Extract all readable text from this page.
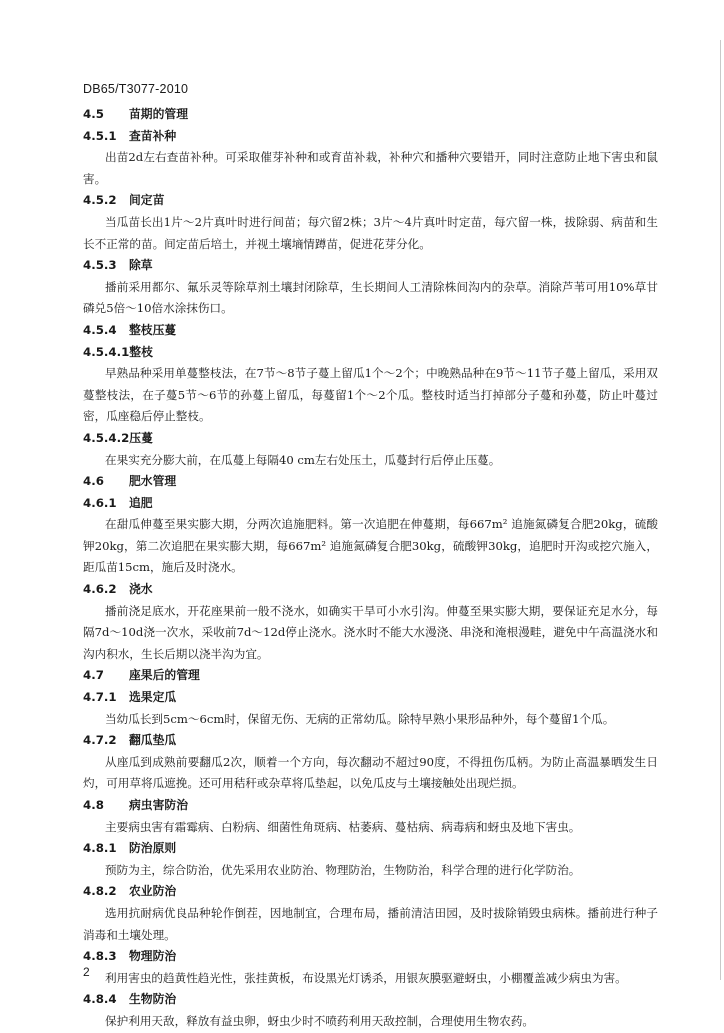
DB65/T3077-2010
4.5 苗期的管理
4.5.1 查苗补种

出苗2d左右查苗补种。可采取催芽补种和或育苗补栽，补种穴和播种穴要错开，同时注意防止地下害虫和鼠害。

4.5.2 间定苗

当瓜苗长出1片～2片真叶时进行间苗；每穴留2株；3片～4片真叶时定苗，每穴留一株，拔除弱、病苗和生长不正常的苗。间定苗后培土，并视土壤墒情蹲苗，促进花芽分化。

4.5.3 除草

播前采用都尔、氟乐灵等除草剂土壤封闭除草，生长期间人工清除株间沟内的杂草。消除芦苇可用10%草甘磷兑5倍～10倍水涂抹伤口。

4.5.4 整枝压蔓
4.5.4.1整枝

早熟品种采用单蔓整枝法，在7节～8节子蔓上留瓜1个～2个；中晚熟品种在9节～11节子蔓上留瓜，采用双蔓整枝法，在子蔓5节～6节的孙蔓上留瓜，每蔓留1个～2个瓜。整枝时适当打掉部分子蔓和孙蔓，防止叶蔓过密，瓜座稳后停止整枝。

4.5.4.2压蔓

在果实充分膨大前，在瓜蔓上每隔40 cm左右处压土，瓜蔓封行后停止压蔓。

4.6 肥水管理
4.6.1 追肥

在甜瓜伸蔓至果实膨大期，分两次追施肥料。第一次追肥在伸蔓期，每667m² 追施氮磷复合肥20kg，硫酸钾20kg，第二次追肥在果实膨大期，每667m² 追施氮磷复合肥30kg，硫酸钾30kg，追肥时开沟或挖穴施入，距瓜苗15cm，施后及时浇水。

4.6.2 浇水

播前浇足底水，开花座果前一般不浇水，如确实干旱可小水引沟。伸蔓至果实膨大期，要保证充足水分，每隔7d～10d浇一次水，采收前7d～12d停止浇水。浇水时不能大水漫浇、串浇和淹根漫畦，避免中午高温浇水和沟内积水，生长后期以浇半沟为宜。

4.7 座果后的管理
4.7.1 选果定瓜

当幼瓜长到5cm～6cm时，保留无伤、无病的正常幼瓜。除特早熟小果形品种外，每个蔓留1个瓜。

4.7.2 翻瓜垫瓜

从座瓜到成熟前要翻瓜2次，顺着一个方向，每次翻动不超过90度，不得扭伤瓜柄。为防止高温暴晒发生日灼，可用草将瓜遮挽。还可用秸秆或杂草将瓜垫起，以免瓜皮与土壤接触处出现烂损。

4.8 病虫害防治

主要病虫害有霜霉病、白粉病、细菌性角斑病、枯萎病、蔓枯病、病毒病和蚜虫及地下害虫。

4.8.1 防治原则

预防为主，综合防治，优先采用农业防治、物理防治，生物防治，科学合理的进行化学防治。

4.8.2 农业防治

选用抗耐病优良品种轮作倒茬，因地制宜，合理布局，播前清洁田园，及时拔除销毁虫病株。播前进行种子消毒和土壤处理。

4.8.3 物理防治

利用害虫的趋黄性趋光性，张挂黄板，布设黑光灯诱杀，用银灰膜驱避蚜虫，小棚覆盖减少病虫为害。

4.8.4 生物防治

保护利用天敌，释放有益虫卵，蚜虫少时不喷药利用天敌控制，合理使用生物农药。

2
